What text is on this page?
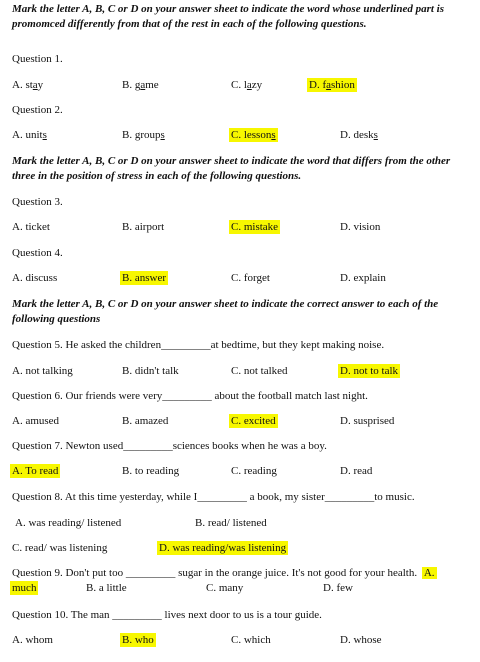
Mark the letter A, B, C or D on your answer sheet to indicate the word whose underlined part is promomced differently from that of the rest in each of the following questions.
Question 1.
A. stay	B. game	C. lazy	D. fashion
Question 2.
A. units	B. groups	C. lessons	D. desks
Mark the letter A, B, C or D on your answer sheet to indicate the word that differs from the other three in the position of stress in each of the following questions.
Question 3.
A. ticket	B. airport	C. mistake	D. vision
Question 4.
A. discuss	B. answer	C. forget	D. explain
Mark the letter A, B, C or D on your answer sheet to indicate the correct answer to each of the following questions
Question 5. He asked the children_________at bedtime, but they kept making noise.
A. not talking	B. didn't talk	C. not talked	D. not to talk
Question 6. Our friends were very_________ about the football match last night.
A. amused	B. amazed	C. excited	D. susprised
Question 7. Newton used_________sciences books when he was a boy.
A. To read	B. to reading	C. reading	D. read
Question 8. At this time yesterday, while I_________ a book, my sister_________to music.
A. was reading/ listened	B. read/ listened
C. read/ was listening	D. was reading/was listening
Question 9. Don't put too _________ sugar in the orange juice. It's not good for your health. A.
much	B. a little	C. many	D. few
Question 10. The man _________ lives next door to us is a tour guide.
A. whom	B. who	C. which	D. whose
